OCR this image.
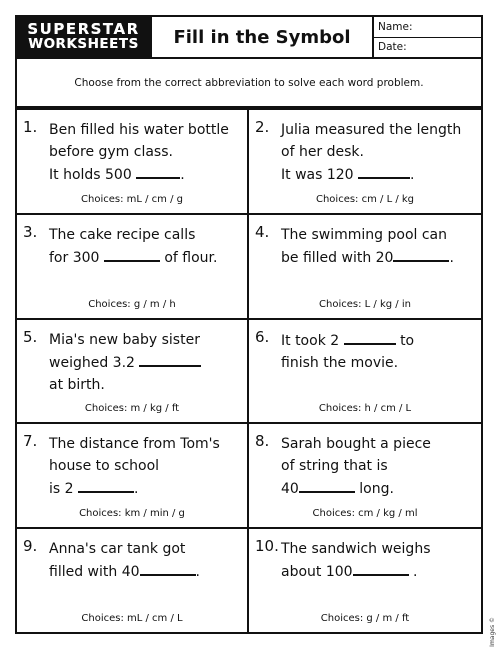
SUPERSTAR
WORKSHEETS	Fill in the Symbol	Name:
Date:
Choose from the correct abbreviation to solve each word problem.
1. Ben filled his water bottle
before gym class.
It holds 500	.
Choices: mL / cm / g
2. Julia measured the length
of her desk.
It was 120	.
Choices: cm / L / kg
3. The cake recipe calls
for 300	of flour.
Choices: g / m / h
4. The swimming pool can
be filled with 20	.
Choices: L / kg / in
5. Mia's new baby sister
weighed 3.2
at birth.
Choices: m / kg / ft
6. It took 2	to
finish the movie.
Choices: h / cm / L
7. The distance from Tom's
house to school
is 2	.
Choices: km / min / g
8. Sarah bought a piece
of string that is
40	long.
Choices: cm / kg / ml
9. Anna's car tank got
filled with 40	.
Choices: mL / cm / L
10. The sandwich weighs
about 100	.
Choices: g / m / ft	Images ©
